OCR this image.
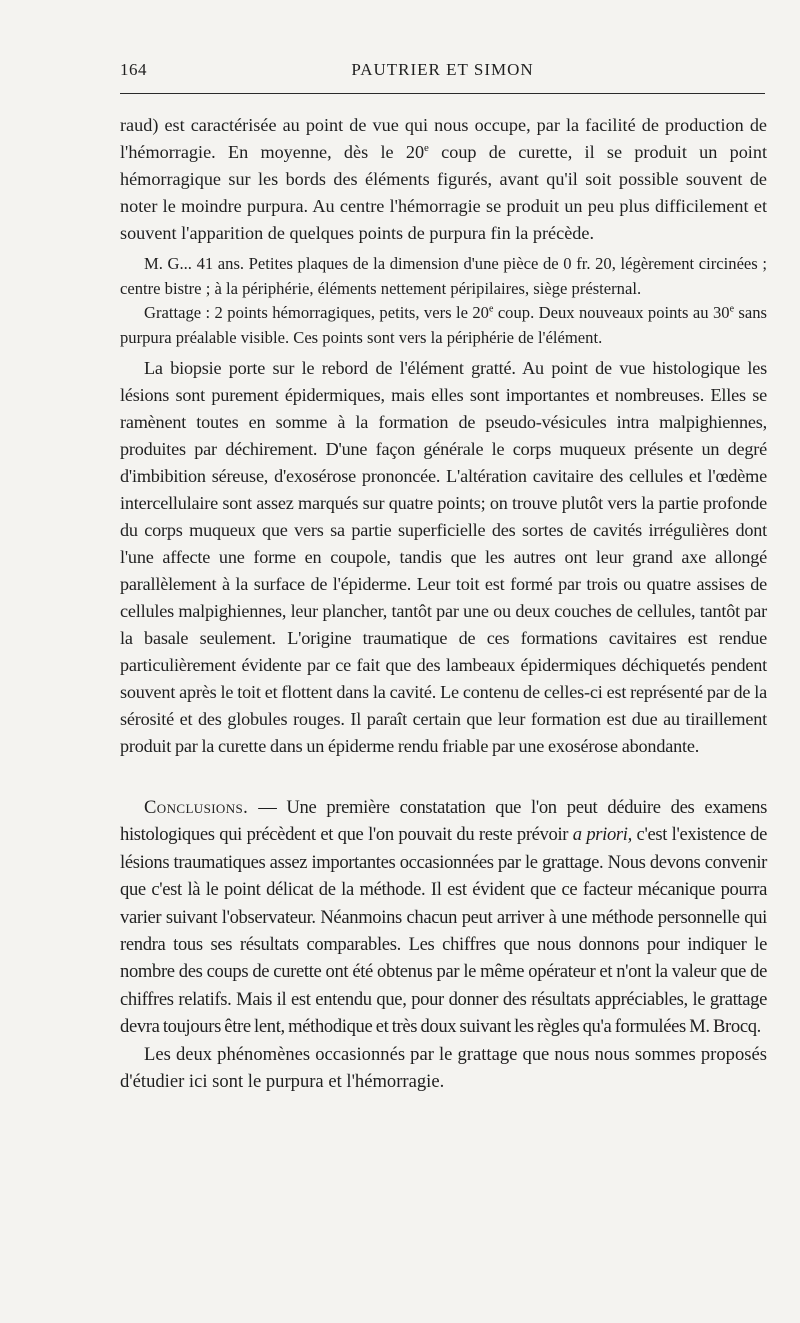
164	PAUTRIER ET SIMON

raud) est caractérisée au point de vue qui nous occupe, par la facilité de production de l'hémorragie. En moyenne, dès le 20e coup de curette, il se produit un point hémorragique sur les bords des éléments figurés, avant qu'il soit possible souvent de noter le moindre purpura. Au centre l'hémorragie se produit un peu plus difficilement et souvent l'apparition de quelques points de purpura fin la précède.

M. G... 41 ans. Petites plaques de la dimension d'une pièce de 0 fr. 20, légèrement circinées ; centre bistre ; à la périphérie, éléments nettement péripilaires, siège présternal.

Grattage : 2 points hémorragiques, petits, vers le 20e coup. Deux nouveaux points au 30e sans purpura préalable visible. Ces points sont vers la périphérie de l'élément.

La biopsie porte sur le rebord de l'élément gratté. Au point de vue histologique les lésions sont purement épidermiques, mais elles sont importantes et nombreuses. Elles se ramènent toutes en somme à la formation de pseudo-vésicules intra malpighiennes, produites par déchirement. D'une façon générale le corps muqueux présente un degré d'imbibition séreuse, d'exosérose prononcée. L'altération cavitaire des cellules et l'œdème intercellulaire sont assez marqués sur quatre points; on trouve plutôt vers la partie profonde du corps muqueux que vers sa partie superficielle des sortes de cavités irrégulières dont l'une affecte une forme en coupole, tandis que les autres ont leur grand axe allongé parallèlement à la surface de l'épiderme. Leur toit est formé par trois ou quatre assises de cellules malpighiennes, leur plancher, tantôt par une ou deux couches de cellules, tantôt par la basale seulement. L'origine traumatique de ces formations cavitaires est rendue particulièrement évidente par ce fait que des lambeaux épidermiques déchiquetés pendent souvent après le toit et flottent dans la cavité. Le contenu de celles-ci est représenté par de la sérosité et des globules rouges. Il paraît certain que leur formation est due au tiraillement produit par la curette dans un épiderme rendu friable par une exosérose abondante.

Conclusions. — Une première constatation que l'on peut déduire des examens histologiques qui précèdent et que l'on pouvait du reste prévoir a priori, c'est l'existence de lésions traumatiques assez importantes occasionnées par le grattage. Nous devons convenir que c'est là le point délicat de la méthode. Il est évident que ce facteur mécanique pourra varier suivant l'observateur. Néanmoins chacun peut arriver à une méthode personnelle qui rendra tous ses résultats comparables. Les chiffres que nous donnons pour indiquer le nombre des coups de curette ont été obtenus par le même opérateur et n'ont la valeur que de chiffres relatifs. Mais il est entendu que, pour donner des résultats appréciables, le grattage devra toujours être lent, méthodique et très doux suivant les règles qu'a formulées M. Brocq.

Les deux phénomènes occasionnés par le grattage que nous nous sommes proposés d'étudier ici sont le purpura et l'hémorragie.
